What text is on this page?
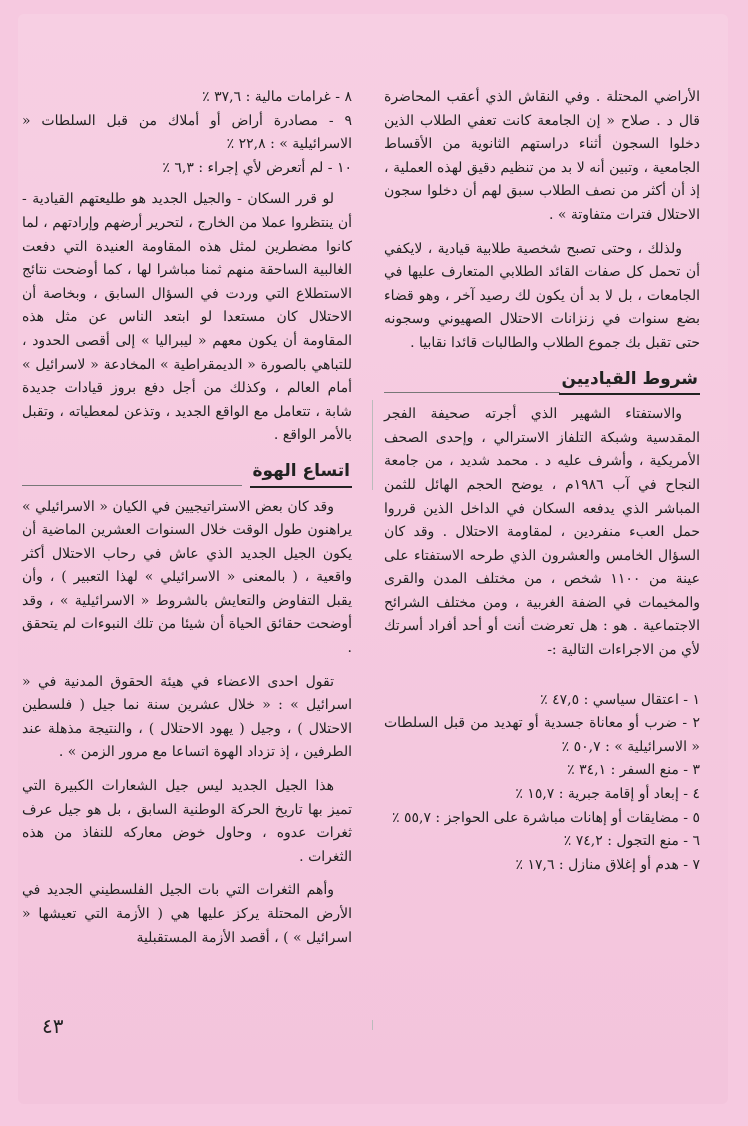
الأراضي المحتلة . وفي النقاش الذي أعقب المحاضرة قال د . صلاح « إن الجامعة كانت تعفي الطلاب الذين دخلوا السجون أثناء دراستهم الثانوية من الأقساط الجامعية ، وتبين أنه لا بد من تنظيم دقيق لهذه العملية ، إذ أن أكثر من نصف الطلاب سبق لهم أن دخلوا سجون الاحتلال فترات متفاوتة » .

ولذلك ، وحتى تصبح شخصية طلابية قيادية ، لايكفي أن تحمل كل صفات القائد الطلابي المتعارف عليها في الجامعات ، بل لا بد أن يكون لك رصيد آخر ، وهو قضاء بضع سنوات في زنزانات الاحتلال الصهيوني وسجونه حتى تقبل بك جموع الطلاب والطالبات قائدا نقابيا .

شروط القياديين

والاستفتاء الشهير الذي أجرته صحيفة الفجر المقدسية وشبكة التلفاز الاسترالي ، وإحدى الصحف الأمريكية ، وأشرف عليه د . محمد شديد ، من جامعة النجاح في آب ١٩٨٦م ، يوضح الحجم الهائل للثمن المباشر الذي يدفعه السكان في الداخل الذين قرروا حمل العبء منفردين ، لمقاومة الاحتلال . وقد كان السؤال الخامس والعشرون الذي طرحه الاستفتاء على عينة من ١١٠٠ شخص ، من مختلف المدن والقرى والمخيمات في الضفة الغربية ، ومن مختلف الشرائح الاجتماعية . هو : هل تعرضت أنت أو أحد أفراد أسرتك لأي من الاجراءات التالية :-

١ - اعتقال سياسي : ٤٧,٥ ٪
٢ - ضرب أو معاناة جسدية أو تهديد من قبل السلطات « الاسرائيلية » : ٥٠,٧ ٪
٣ - منع السفر : ٣٤,١ ٪
٤ - إبعاد أو إقامة جبرية : ١٥,٧ ٪
٥ - مضايقات أو إهانات مباشرة على الحواجز : ٥٥,٧ ٪
٦ - منع التجول : ٧٤,٢ ٪
٧ - هدم أو إغلاق منازل : ١٧,٦ ٪
٨ - غرامات مالية : ٣٧,٦ ٪
٩ - مصادرة أراض أو أملاك من قبل السلطات « الاسرائيلية » : ٢٢,٨ ٪
١٠ - لم أتعرض لأي إجراء : ٦,٣ ٪

لو قرر السكان - والجيل الجديد هو طليعتهم القيادية - أن ينتظروا عملا من الخارج ، لتحرير أرضهم وإرادتهم ، لما كانوا مضطرين لمثل هذه المقاومة العنيدة التي دفعت الغالبية الساحقة منهم ثمنا مباشرا لها ، كما أوضحت نتائج الاستطلاع التي وردت في السؤال السابق ، وبخاصة أن الاحتلال كان مستعدا لو ابتعد الناس عن مثل هذه المقاومة أن يكون معهم « ليبراليا » إلى أقصى الحدود ، للتباهي بالصورة « الديمقراطية » المخادعة « لاسرائيل » أمام العالم ، وكذلك من أجل دفع بروز قيادات جديدة شابة ، تتعامل مع الواقع الجديد ، وتذعن لمعطياته ، وتقبل بالأمر الواقع .

اتساع الهوة

وقد كان بعض الاستراتيجيين في الكيان « الاسرائيلي » يراهنون طول الوقت خلال السنوات العشرين الماضية أن يكون الجيل الجديد الذي عاش في رحاب الاحتلال أكثر واقعية ، ( بالمعنى « الاسرائيلي » لهذا التعبير ) ، وأن يقبل التفاوض والتعايش بالشروط « الاسرائيلية » ، وقد أوضحت حقائق الحياة أن شيئا من تلك النبوءات لم يتحقق .

تقول احدى الاعضاء في هيئة الحقوق المدنية في « اسرائيل » : « خلال عشرين سنة نما جيل ( فلسطين الاحتلال ) ، وجيل ( يهود الاحتلال ) ، والنتيجة مذهلة عند الطرفين ، إذ تزداد الهوة اتساعا مع مرور الزمن » .

هذا الجيل الجديد ليس جيل الشعارات الكبيرة التي تميز بها تاريخ الحركة الوطنية السابق ، بل هو جيل عرف ثغرات عدوه ، وحاول خوض معاركه للنفاذ من هذه الثغرات .

وأهم الثغرات التي بات الجيل الفلسطيني الجديد في الأرض المحتلة يركز عليها هي ( الأزمة التي تعيشها « اسرائيل » ) ، أقصد الأزمة المستقبلية

٤٣
